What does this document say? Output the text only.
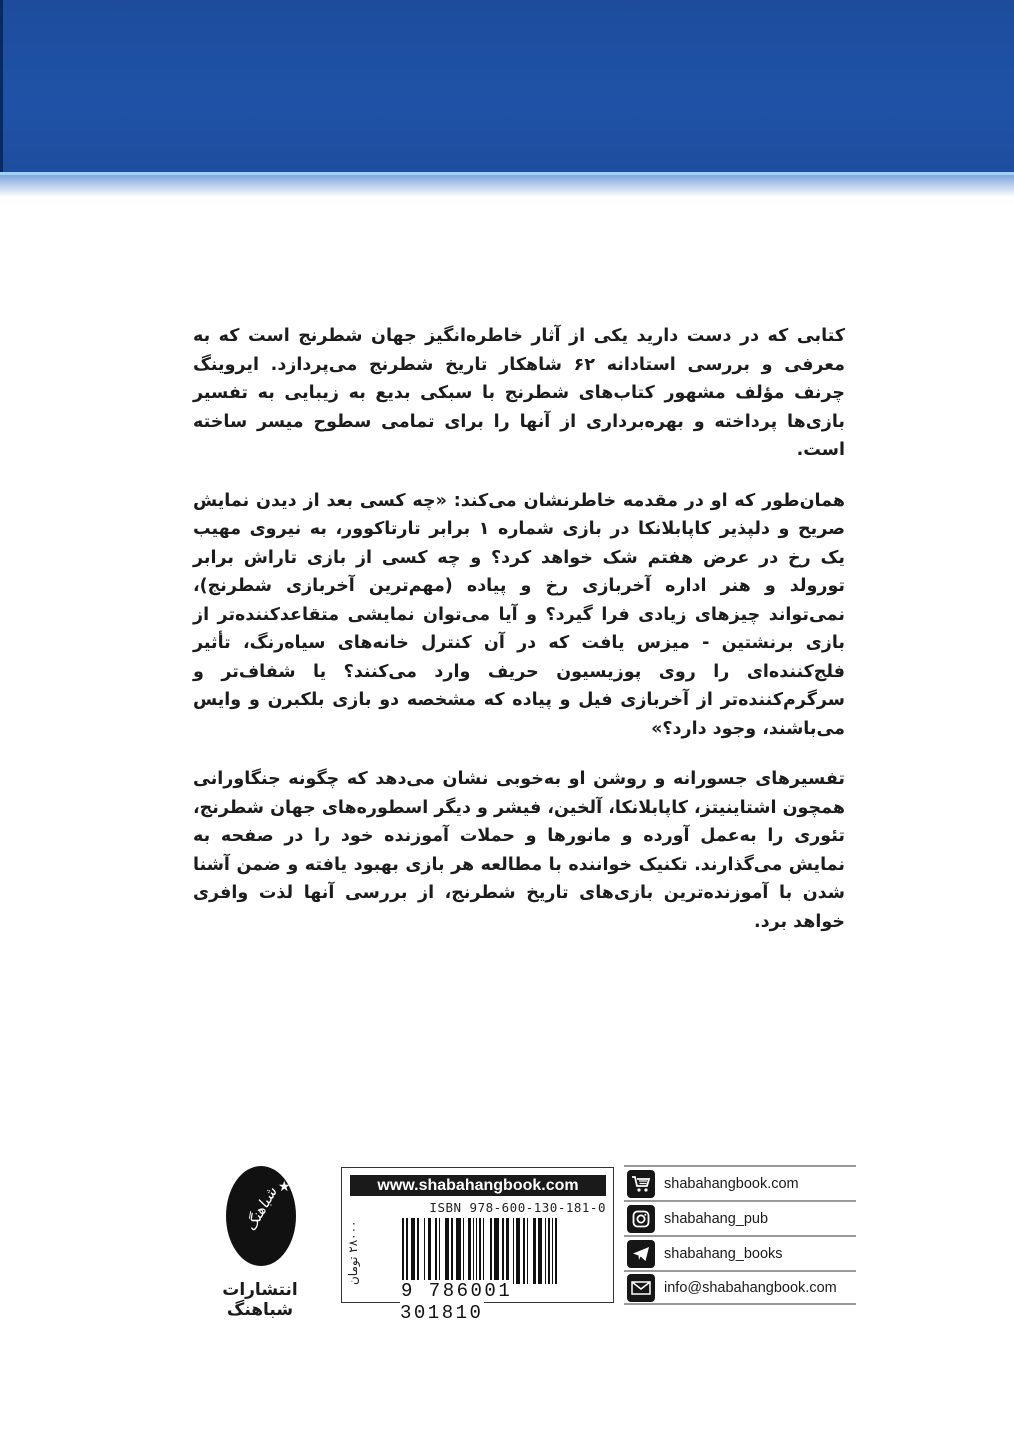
کتابی که در دست دارید یکی از آثار خاطره‌انگیز جهان شطرنج است که به معرفی و بررسی استادانه ۶۲ شاهکار تاریخ شطرنج می‌پردازد. ایروینگ چرنف مؤلف مشهور کتاب‌های شطرنج با سبکی بدیع به زیبایی به تفسیر بازی‌ها پرداخته و بهره‌برداری از آنها را برای تمامی سطوح میسر ساخته است.

همان‌طور که او در مقدمه خاطرنشان می‌کند: «چه کسی بعد از دیدن نمایش صریح و دلپذیر کاپابلانکا در بازی شماره ۱ برابر تارتاکوور، به نیروی مهیب یک رخ در عرض هفتم شک خواهد کرد؟ و چه کسی از بازی تاراش برابر تورولد و هنر اداره آخربازی رخ و پیاده (مهم‌ترین آخربازی شطرنج)، نمی‌تواند چیزهای زیادی فرا گیرد؟ و آیا می‌توان نمایشی متقاعدکننده‌تر از بازی برنشتین - میزس یافت که در آن کنترل خانه‌های سیاه‌رنگ، تأثیر فلج‌کننده‌ای را روی پوزیسیون حریف وارد می‌کنند؟ یا شفاف‌تر و سرگرم‌کننده‌تر از آخربازی فیل و پیاده که مشخصه دو بازی بلکبرن و وایس می‌باشند، وجود دارد؟»

تفسیرهای جسورانه و روشن او به‌خوبی نشان می‌دهد که چگونه جنگاورانی همچون اشتاینیتز، کاپابلانکا، آلخین، فیشر و دیگر اسطوره‌های جهان شطرنج، تئوری را به‌عمل آورده و مانورها و حملات آموزنده خود را در صفحه به نمایش می‌گذارند. تکنیک خواننده با مطالعه هر بازی بهبود یافته و ضمن آشنا شدن با آموزنده‌ترین بازی‌های تاریخ شطرنج، از بررسی آنها لذت وافری خواهد برد.

★
شباهنگ
انتشارات شباهنگ
www.shabahangbook.com
ISBN 978-600-130-181-0
۲۸۰۰۰ تومان
9 786001 301810
shabahangbook.com
shabahang_pub
shabahang_books
info@shabahangbook.com
